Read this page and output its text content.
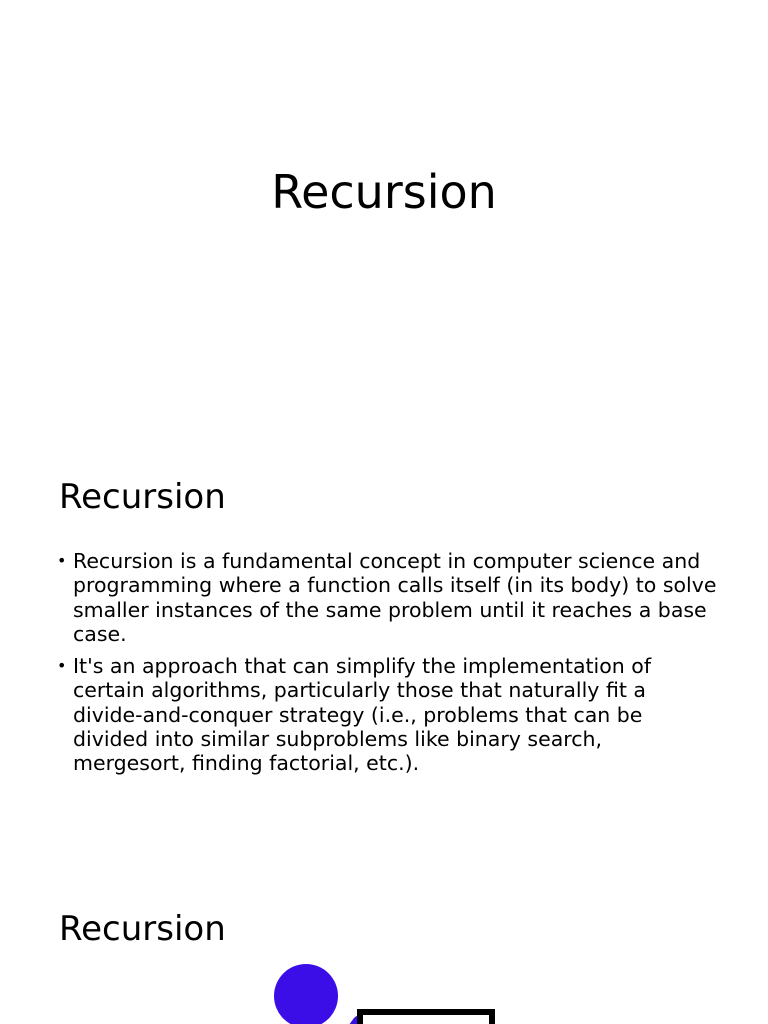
Recursion
Recursion
• Recursion is a fundamental concept in computer science and programming where a function calls itself (in its body) to solve smaller instances of the same problem until it reaches a base case.
• It's an approach that can simplify the implementation of certain algorithms, particularly those that naturally fit a divide-and-conquer strategy (i.e., problems that can be divided into similar subproblems like binary search, mergesort, finding factorial, etc.).
Recursion
